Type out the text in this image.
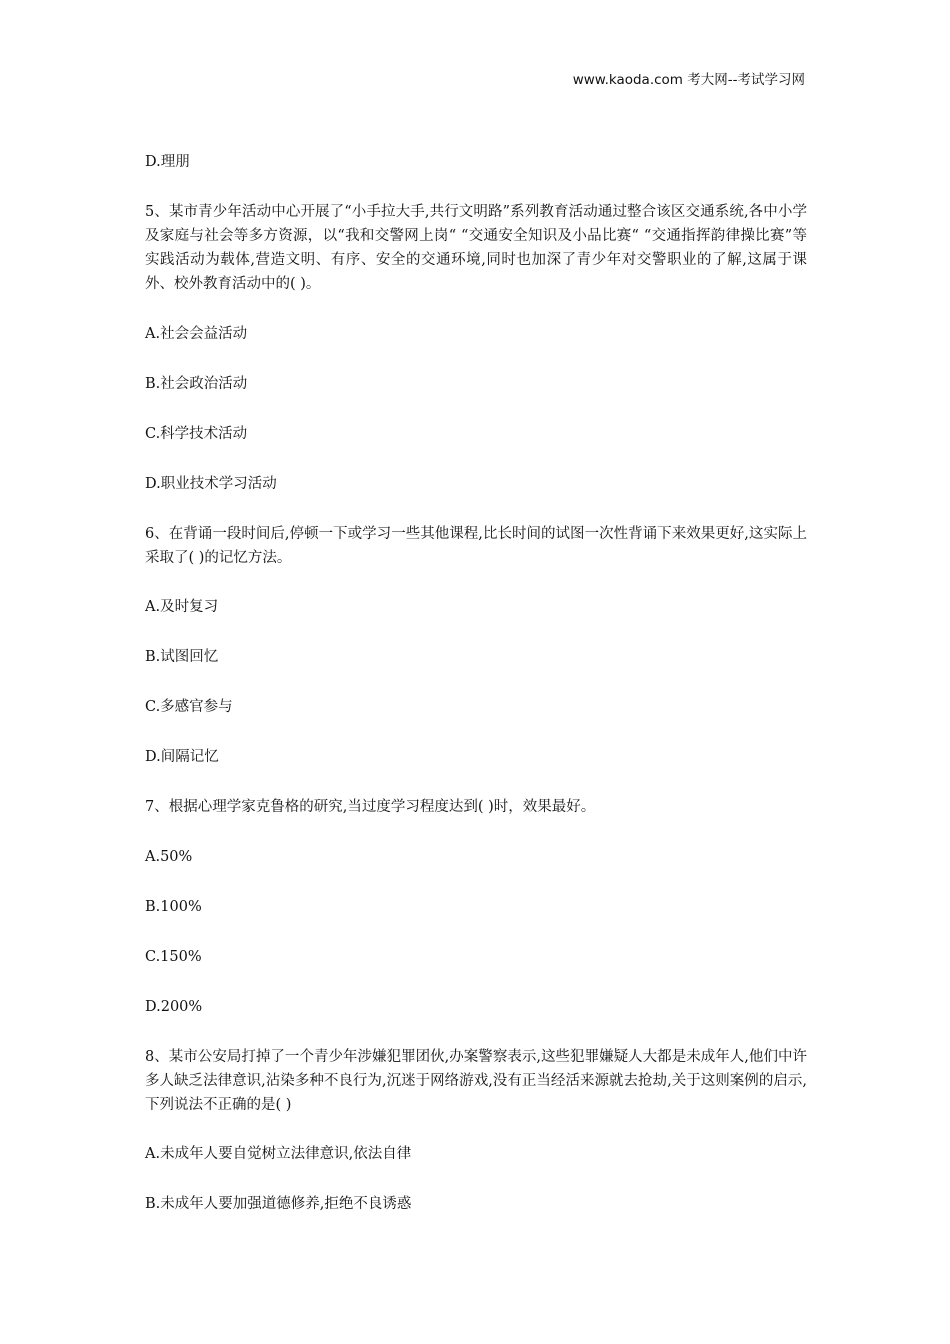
www.kaoda.com 考大网--考试学习网

D.理朋

5、某市青少年活动中心开展了“小手拉大手,共行文明路”系列教育活动通过整合该区交通系统,各中小学及家庭与社会等多方资源，以“我和交警网上岗“ “交通安全知识及小品比赛“ “交通指挥韵律操比赛”等实践活动为载体,营造文明、有序、安全的交通环境,同时也加深了青少年对交警职业的了解,这属于课外、校外教育活动中的( )。

A.社会会益活动

B.社会政治活动

C.科学技术活动

D.职业技术学习活动

6、在背诵一段时间后,停顿一下或学习一些其他课程,比长时间的试图一次性背诵下来效果更好,这实际上采取了( )的记忆方法。

A.及时复习

B.试图回忆

C.多感官参与

D.间隔记忆

7、根据心理学家克鲁格的研究,当过度学习程度达到( )时，效果最好。

A.50%

B.100%

C.150%

D.200%

8、某市公安局打掉了一个青少年涉嫌犯罪团伙,办案警察表示,这些犯罪嫌疑人大都是未成年人,他们中许多人缺乏法律意识,沾染多种不良行为,沉迷于网络游戏,没有正当经活来源就去抢劫,关于这则案例的启示,下列说法不正确的是( )

A.未成年人要自觉树立法律意识,依法自律

B.未成年人要加强道德修养,拒绝不良诱惑
